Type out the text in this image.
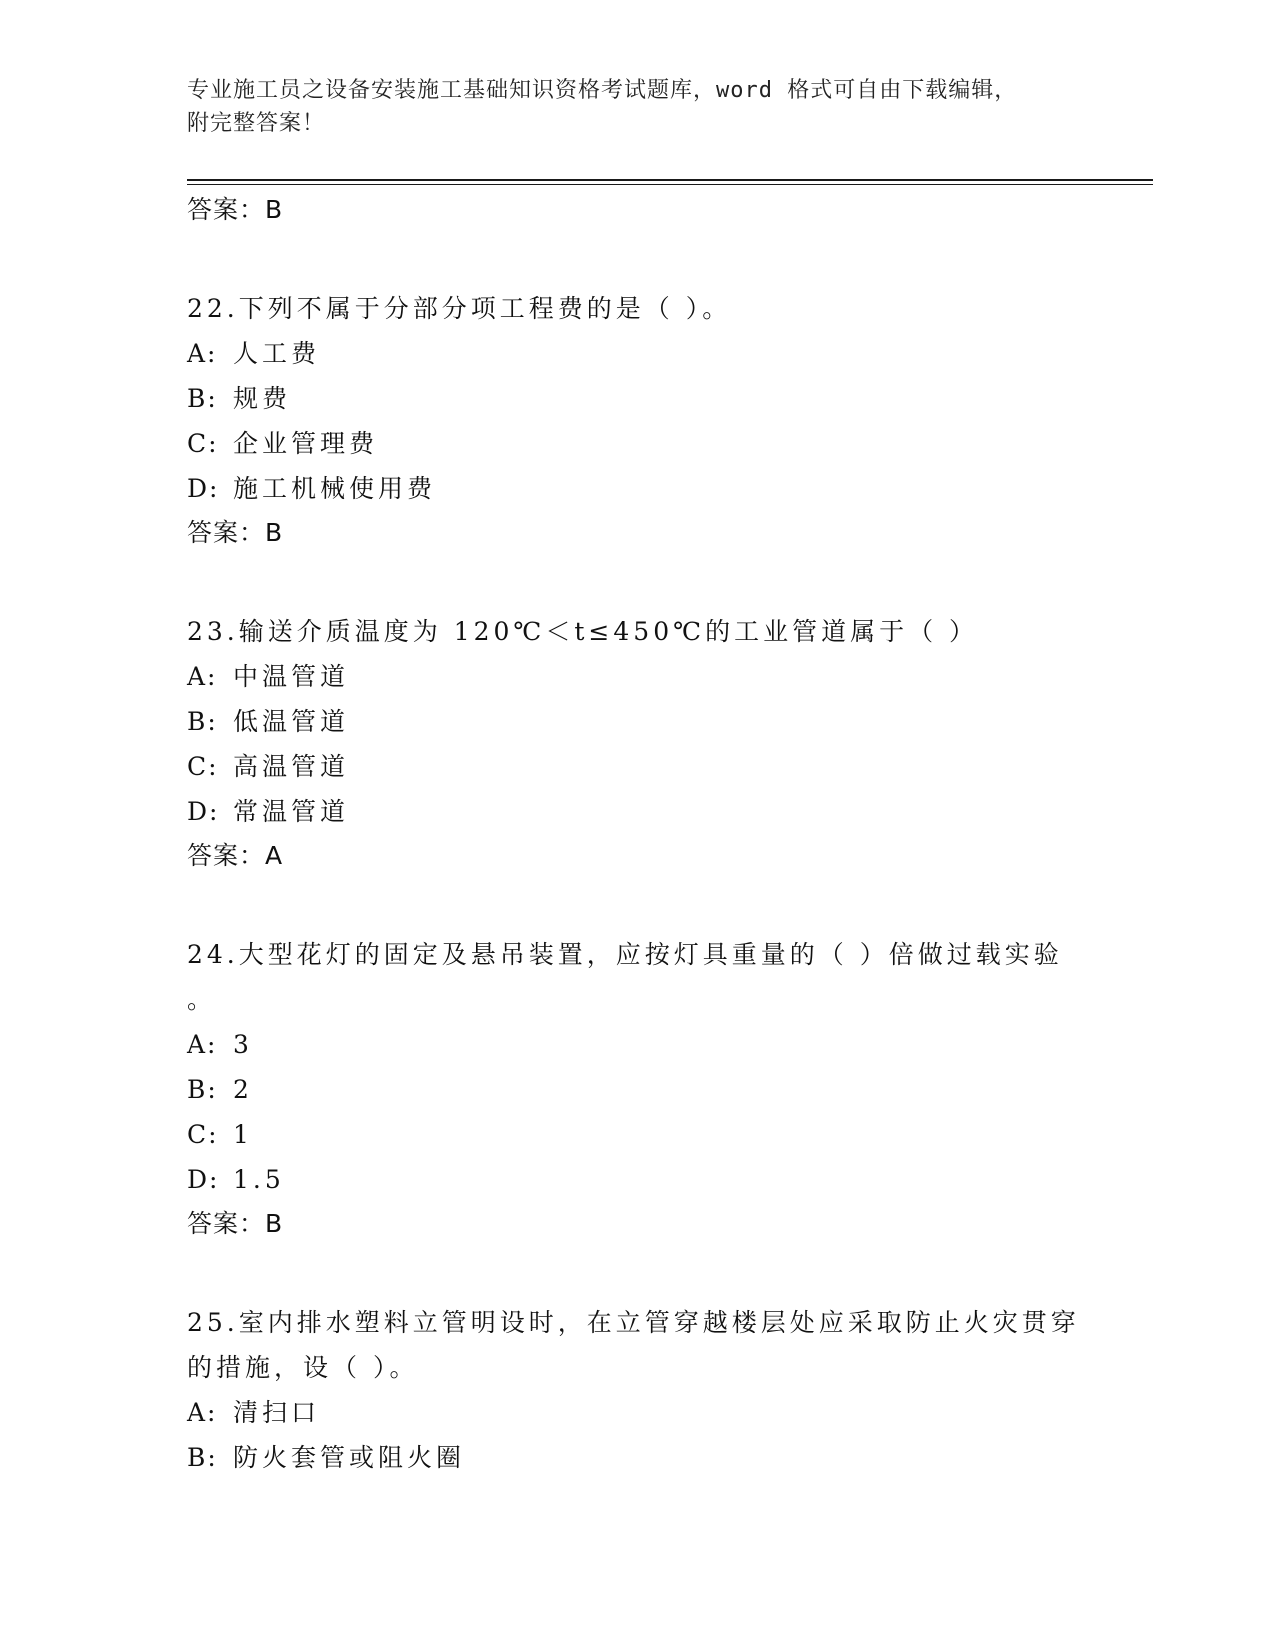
专业施工员之设备安装施工基础知识资格考试题库，word 格式可自由下载编辑，
附完整答案！
答案：B
22.下列不属于分部分项工程费的是（ ）。
A: 人工费
B: 规费
C: 企业管理费
D: 施工机械使用费
答案：B
23.输送介质温度为 120℃＜t≤450℃的工业管道属于（ ）
A: 中温管道
B: 低温管道
C: 高温管道
D: 常温管道
答案：A
24.大型花灯的固定及悬吊装置，应按灯具重量的（ ）倍做过载实验
。
A: 3
B: 2
C: 1
D: 1.5
答案：B
25.室内排水塑料立管明设时，在立管穿越楼层处应采取防止火灾贯穿
的措施，设（ ）。
A: 清扫口
B: 防火套管或阻火圈
